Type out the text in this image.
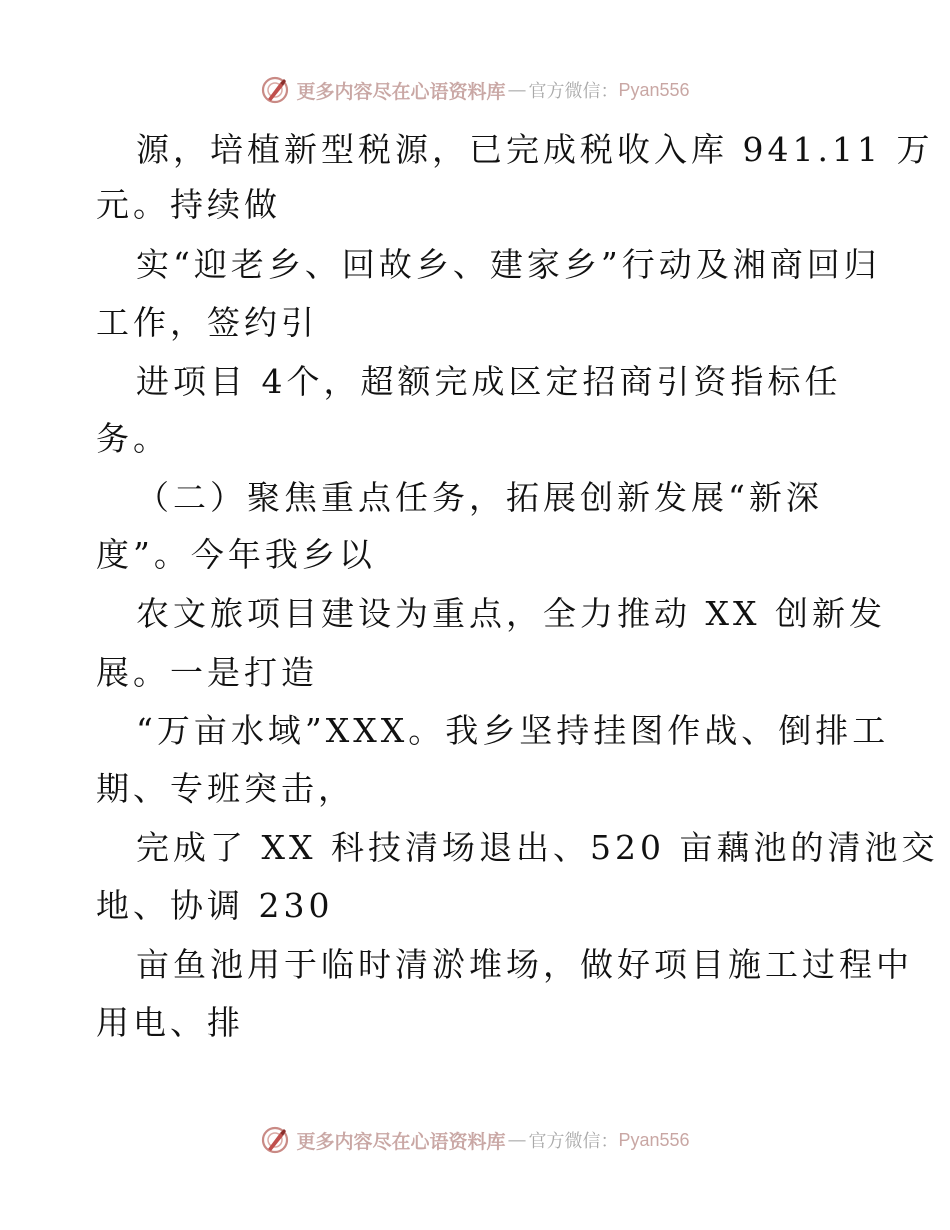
更多内容尽在心语资料库 — 官方微信： Pyan556
源，培植新型税源，已完成税收入库 941.11 万
元。持续做
实“迎老乡、回故乡、建家乡”行动及湘商回归
工作，签约引
进项目 4个，超额完成区定招商引资指标任
务。
（二）聚焦重点任务，拓展创新发展“新深
度”。今年我乡以
农文旅项目建设为重点，全力推动 XX 创新发
展。一是打造
“万亩水域”XXX。我乡坚持挂图作战、倒排工
期、专班突击，
完成了 XX 科技清场退出、520 亩藕池的清池交
地、协调 230
亩鱼池用于临时清淤堆场，做好项目施工过程中
用电、排
更多内容尽在心语资料库 — 官方微信： Pyan556
